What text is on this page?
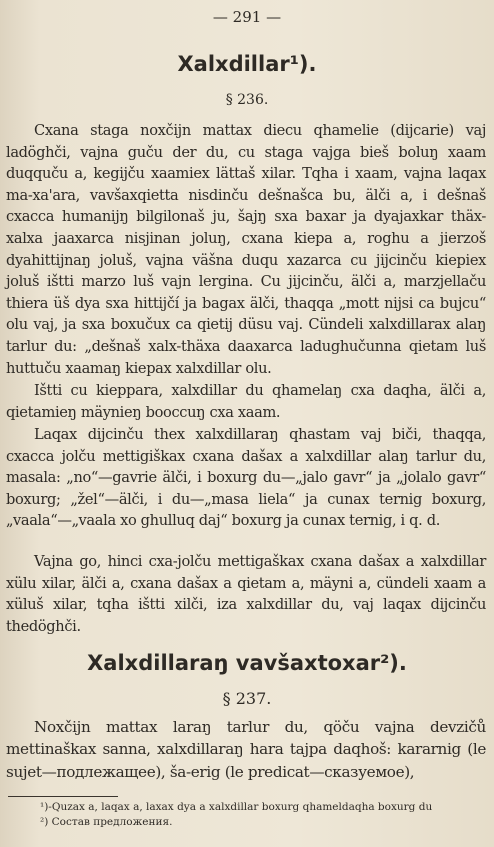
— 291 —
Xalxdillar¹).
§ 236.

Cxana staga noxčijn mattax diecu qhamelie (dijcarie) vaj ladöghči, vajna guču der du, cu staga vajga bieš boluŋ xaam duqquču a, kegijču xaamiex lättaš xilar. Tqha i xaam, vajna laqax ma-xa'ara, vavšaxqietta nisdinču dešnašca bu, älči a, i dešnaš cxacca humanijŋ bilgilonaš ju, šajŋ sxa baxar ja dyajaxkar thäx-xalxa jaaxarca nisjinan joluŋ, cxana kiepa a, roghu a jierzoš dyahittijnaŋ joluš, vajna väšna duqu xazarca cu jijcinču kiepiex joluš ištti marzo luš vajn lergina. Cu jijcinču, älči a, marzjellaču thiera üš dya sxa hittijčí ja bagax älči, thaqqa „mott nijsi ca bujcu“ olu vaj, ja sxa boxučux ca qietij düsu vaj. Cündeli xalxdillarax alaŋ tarlur du: „dešnaš xalx-thäxa daaxarca ladughučunna qietam luš huttuču xaamaŋ kiepax xalxdillar olu.

Ištti cu kieppara, xalxdillar du qhamelaŋ cxa daqha, älči a, qietamieŋ mäynieŋ booccuŋ cxa xaam.

Laqax dijcinču thex xalxdillaraŋ qhastam vaj biči, thaqqa, cxacca jolču mettigiškax cxana dašax a xalxdillar alaŋ tarlur du, masala: „no“—gavrie älči, i boxurg du—„jalo gavr“ ja „jolalo gavr“ boxurg; „žel“—älči, i du—„masa liela“ ja cunax ternig boxurg, „vaala“—„vaala xo ghulluq daj“ boxurg ja cunax ternig, i q. d.

Vajna go, hinci cxa-jolču mettigaškax cxana dašax a xalxdillar xülu xilar, älči a, cxana dašax a qietam a, mäyni a, cündeli xaam a xüluš xilar, tqha ištti xilči, iza xalxdillar du, vaj laqax dijcinču thedöghči.

Xalxdillaraŋ vavšaxtoxar²).
§ 237.

Noxčijn mattax laraŋ tarlur du, qöču vajna devzičů mettinaškax sanna, xalxdillaraŋ hara tajpa daqhoš: kararnig (le sujet—подлежащее), ša-erig (le predicat—сказуемое),

¹)-Quzax a, laqax a, laxax dya a xalxdillar boxurg qhameldaqha boxurg du
²) Состав предложения.
